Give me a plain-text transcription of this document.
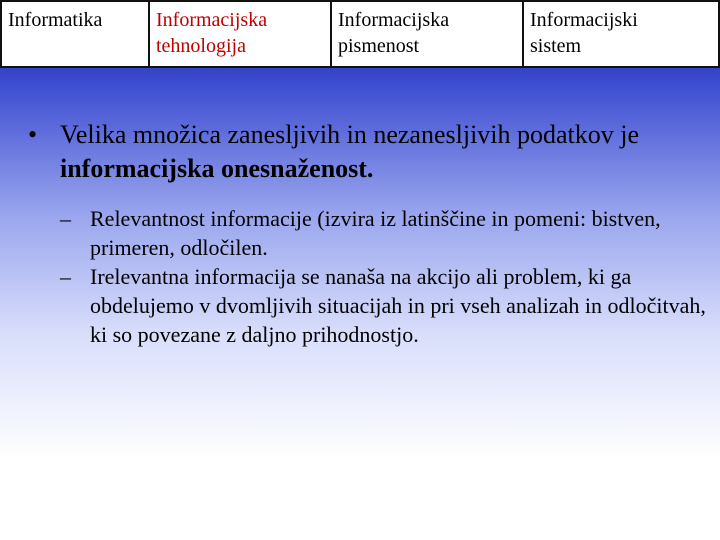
Informatika	Informacijska
tehnologija
Informacijska
pismenost
Informacijski
sistem

• Velika množica zanesljivih in nezanesljivih podatkov je informacijska onesnaženost.

– Relevantnost informacije (izvira iz latinščine in pomeni: bistven, primeren, odločilen.

– Irelevantna informacija se nanaša na akcijo ali problem, ki ga obdelujemo v dvomljivih situacijah in pri vseh analizah in odločitvah, ki so povezane z daljno prihodnostjo.
